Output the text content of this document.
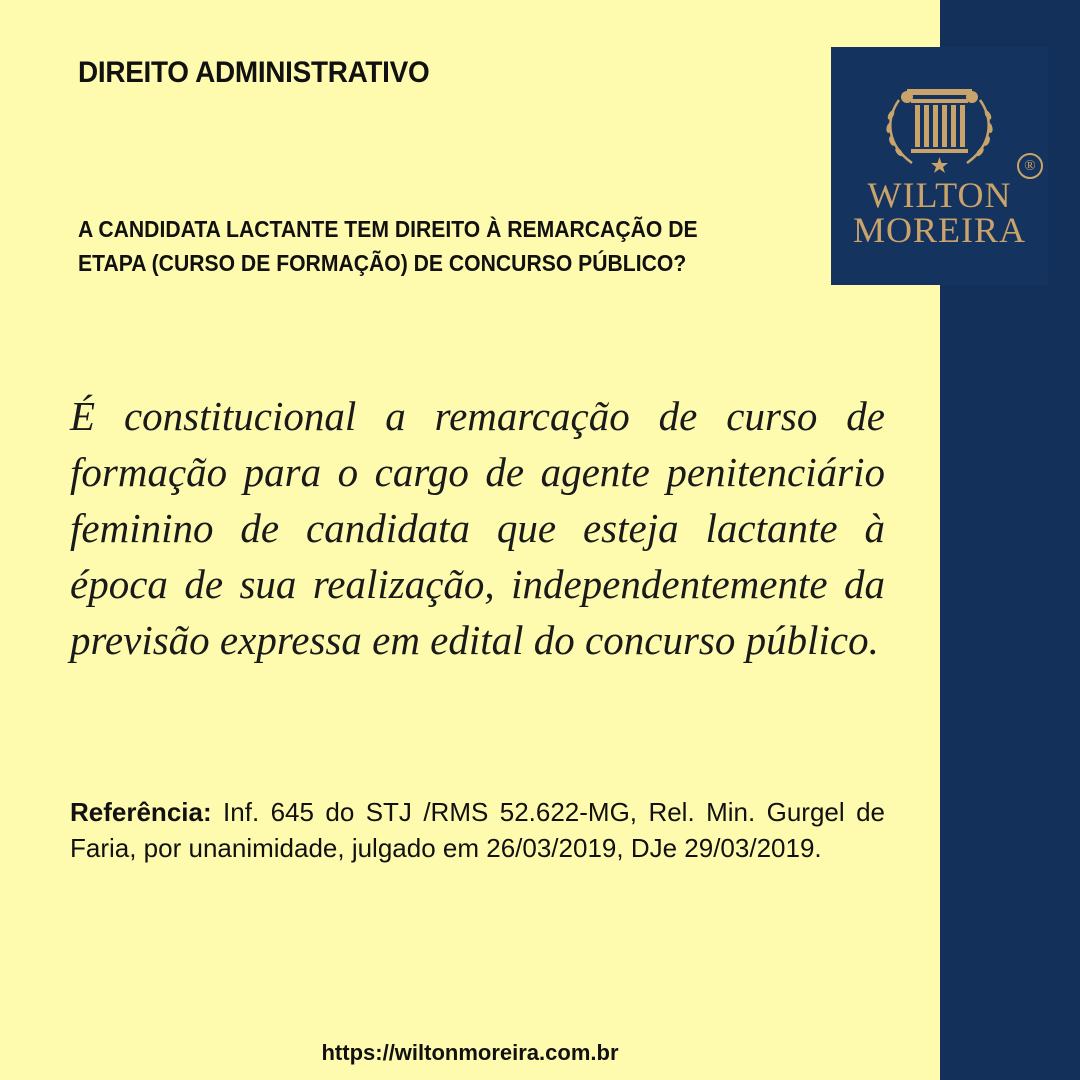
®
WILTON
MOREIRA
DIREITO ADMINISTRATIVO
A CANDIDATA LACTANTE TEM DIREITO À REMARCAÇÃO DE ETAPA (CURSO DE FORMAÇÃO) DE CONCURSO PÚBLICO?
É constitucional a remarcação de curso de formação para o cargo de agente penitenciário feminino de candidata que esteja lactante à época de sua realização, independentemente da previsão expressa em edital do concurso público.
Referência: Inf. 645 do STJ /RMS 52.622-MG, Rel. Min. Gurgel de Faria, por unanimidade, julgado em 26/03/2019, DJe 29/03/2019.
https://wiltonmoreira.com.br
